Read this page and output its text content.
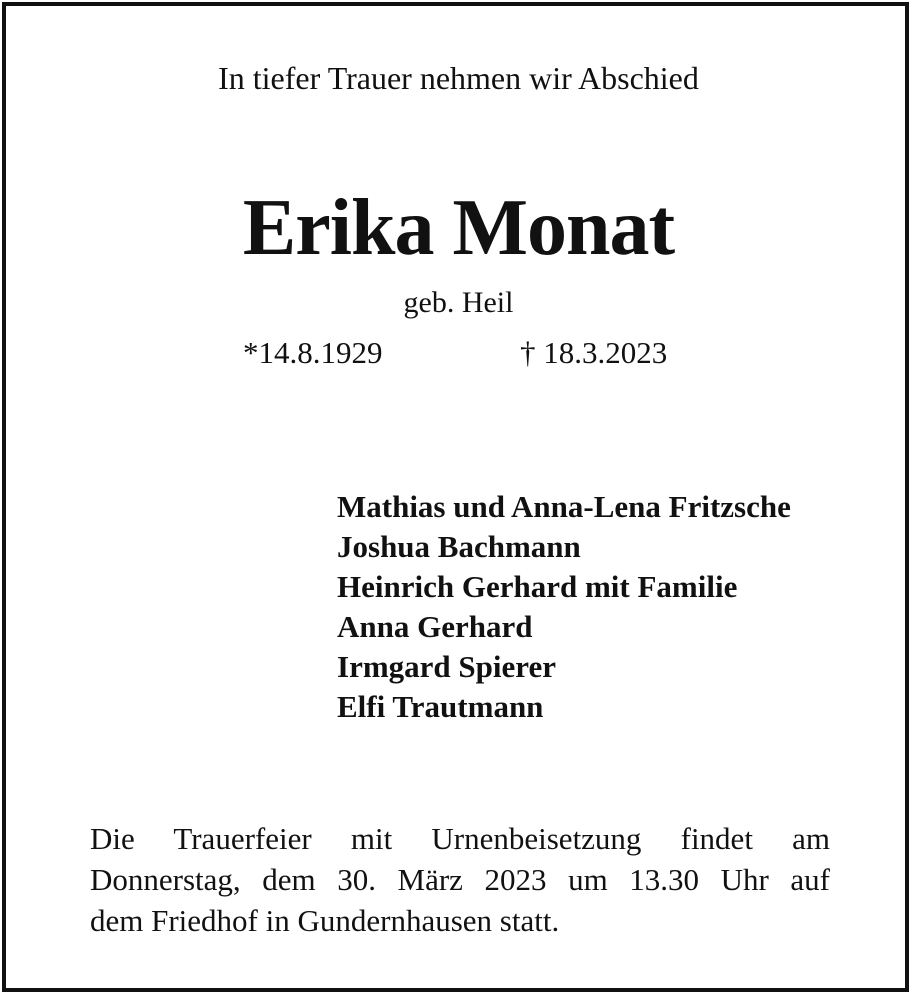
In tiefer Trauer nehmen wir Abschied
Erika Monat
geb. Heil
*14.8.1929	† 18.3.2023
Mathias und Anna-Lena Fritzsche
Joshua Bachmann
Heinrich Gerhard mit Familie
Anna Gerhard
Irmgard Spierer
Elfi Trautmann
Die Trauerfeier mit Urnenbeisetzung findet am
Donnerstag, dem 30. März 2023 um 13.30 Uhr auf
dem Friedhof in Gundernhausen statt.
